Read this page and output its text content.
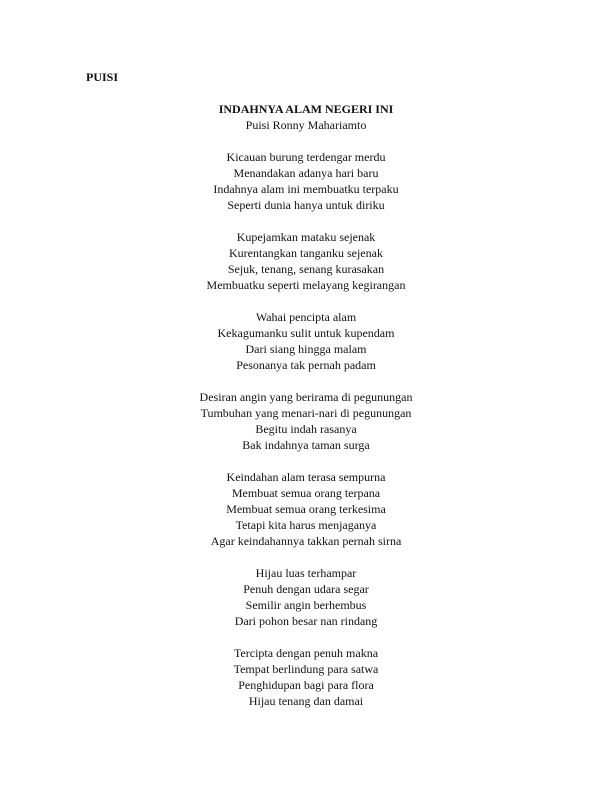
PUISI

INDAHNYA ALAM NEGERI INI

Puisi Ronny Mahariamto

Kicauan burung terdengar merdu
Menandakan adanya hari baru
Indahnya alam ini membuatku terpaku
Seperti dunia hanya untuk diriku

Kupejamkan mataku sejenak
Kurentangkan tanganku sejenak
Sejuk, tenang, senang kurasakan
Membuatku seperti melayang kegirangan

Wahai pencipta alam
Kekagumanku sulit untuk kupendam
Dari siang hingga malam
Pesonanya tak pernah padam

Desiran angin yang berirama di pegunungan
Tumbuhan yang menari-nari di pegunungan
Begitu indah rasanya
Bak indahnya taman surga

Keindahan alam terasa sempurna
Membuat semua orang terpana
Membuat semua orang terkesima
Tetapi kita harus menjaganya
Agar keindahannya takkan pernah sirna

Hijau luas terhampar
Penuh dengan udara segar
Semilir angin berhembus
Dari pohon besar nan rindang

Tercipta dengan penuh makna
Tempat berlindung para satwa
Penghidupan bagi para flora
Hijau tenang dan damai
